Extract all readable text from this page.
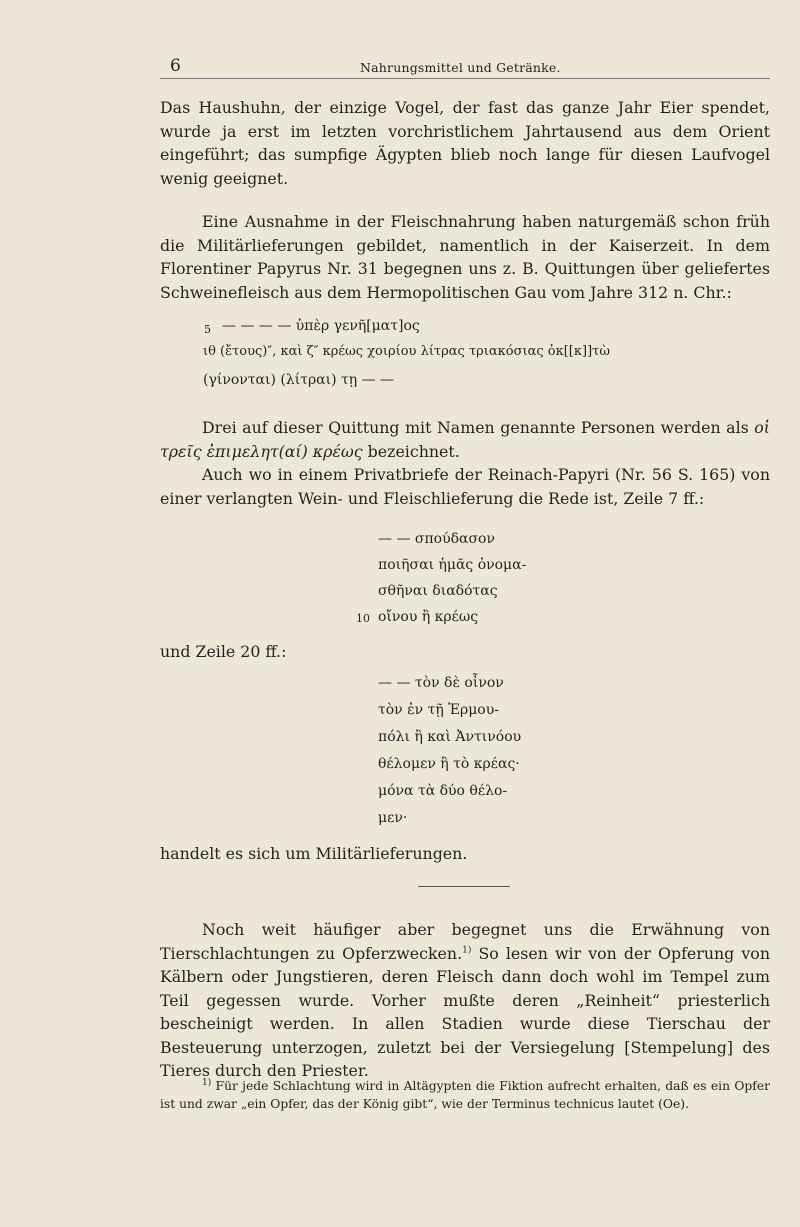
6	Nahrungsmittel und Getränke.
Das Haushuhn, der einzige Vogel, der fast das ganze Jahr Eier spendet, wurde ja erst im letzten vorchristlichem Jahrtausend aus dem Orient eingeführt; das sumpfige Ägypten blieb noch lange für diesen Laufvogel wenig geeignet.
Eine Ausnahme in der Fleischnahrung haben naturgemäß schon früh die Militärlieferungen gebildet, namentlich in der Kaiserzeit. In dem Florentiner Papyrus Nr. 31 begegnen uns z. B. Quittungen über geliefertes Schweinefleisch aus dem Hermopolitischen Gau vom Jahre 312 n. Chr.:
5 — — — — ὑπὲρ γενῆ[ματ]ος
ιθ (ἔτους)″, καὶ ζ″ κρέως χοιρίου λίτρας τριακόσιας ὀκ[[κ]]τὼ
(γίνονται) (λίτραι) τῃ — —
Drei auf dieser Quittung mit Namen genannte Personen werden als οἱ τρεῖς ἐπιμελητ(αί) κρέως bezeichnet.
Auch wo in einem Privatbriefe der Reinach-Papyri (Nr. 56 S. 165) von einer verlangten Wein- und Fleischlieferung die Rede ist, Zeile 7 ff.:
— — σπούδασον
ποιῆσαι ἡμᾶς ὀνομα-
σθῆναι διαδότας
10 οἴνου ἢ κρέως
und Zeile 20 ff.:
— — τὸν δὲ οἶνον
τὸν ἐν τῇ Ἑρμου-
πόλι ἢ καὶ Ἀντινόου
θέλομεν ἢ τὸ κρέας·
μόνα τὰ δύο θέλο-
μεν·
handelt es sich um Militärlieferungen.
Noch weit häufiger aber begegnet uns die Erwähnung von Tierschlachtungen zu Opferzwecken.$^{1)}$ So lesen wir von der Opferung von Kälbern oder Jungstieren, deren Fleisch dann doch wohl im Tempel zum Teil gegessen wurde. Vorher mußte deren „Reinheit“ priesterlich bescheinigt werden. In allen Stadien wurde diese Tierschau der Besteuerung unterzogen, zuletzt bei der Versiegelung [Stempelung] des Tieres durch den Priester.
$^{1)}$ Für jede Schlachtung wird in Altägypten die Fiktion aufrecht erhalten, daß es ein Opfer ist und zwar „ein Opfer, das der König gibt“, wie der Terminus technicus lautet (Oe).
